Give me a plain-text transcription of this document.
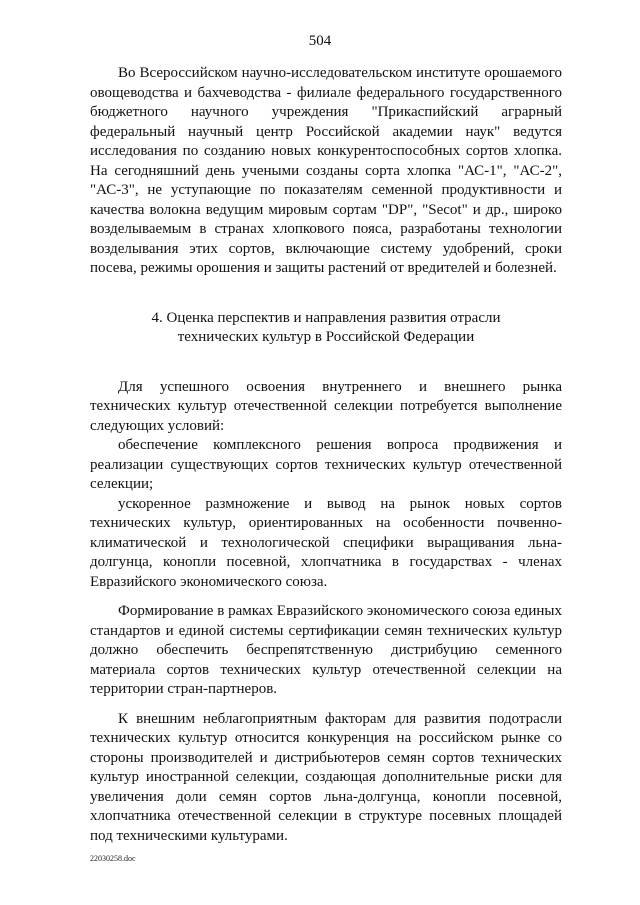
504

Во Всероссийском научно-исследовательском институте орошаемого овощеводства и бахчеводства - филиале федерального государственного бюджетного научного учреждения "Прикаспийский аграрный федеральный научный центр Российской академии наук" ведутся исследования по созданию новых конкурентоспособных сортов хлопка. На сегодняшний день учеными созданы сорта хлопка "АС-1", "АС-2", "АС-3", не уступающие по показателям семенной продуктивности и качества волокна ведущим мировым сортам "DP", "Secot" и др., широко возделываемым в странах хлопкового пояса, разработаны технологии возделывания этих сортов, включающие систему удобрений, сроки посева, режимы орошения и защиты растений от вредителей и болезней.

4. Оценка перспектив и направления развития отрасли
технических культур в Российской Федерации

Для успешного освоения внутреннего и внешнего рынка технических культур отечественной селекции потребуется выполнение следующих условий:

обеспечение комплексного решения вопроса продвижения и реализации существующих сортов технических культур отечественной селекции;

ускоренное размножение и вывод на рынок новых сортов технических культур, ориентированных на особенности почвенно-климатической и технологической специфики выращивания льна-долгунца, конопли посевной, хлопчатника в государствах - членах Евразийского экономического союза.

Формирование в рамках Евразийского экономического союза единых стандартов и единой системы сертификации семян технических культур должно обеспечить беспрепятственную дистрибуцию семенного материала сортов технических культур отечественной селекции на территории стран-партнеров.

К внешним неблагоприятным факторам для развития подотрасли технических культур относится конкуренция на российском рынке со стороны производителей и дистрибьютеров семян сортов технических культур иностранной селекции, создающая дополнительные риски для увеличения доли семян сортов льна-долгунца, конопли посевной, хлопчатника отечественной селекции в структуре посевных площадей под техническими культурами.

22030258.doc
